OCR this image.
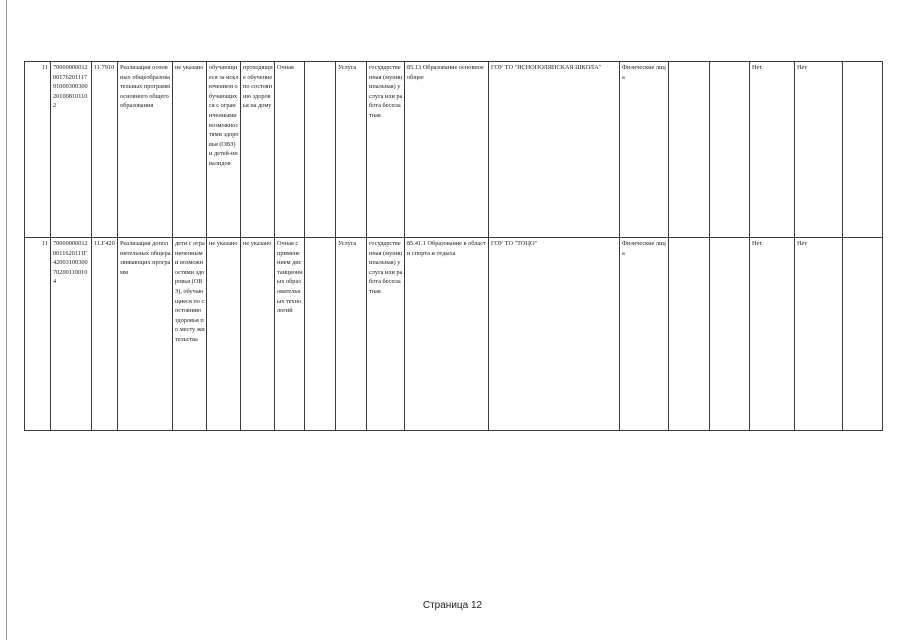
11	700000000120017620111791000300300201008101102	11.7910	Реализация основных общеобразовательных программ основного общего образования	не указано	обучающиеся за исключением обучающихся с ограниченными возможностями здоровья (ОВЗ) и детей-инвалидов	проходящие обучение по состоянию здоровья на дому	Очная		Услуга	государственная (муниципальная) услуга или работа бесплатная	85.13 Образование основное общее	ГОУ ТО "ЯСНОПОЛЯНСКАЯ ШКОЛА"	Физические лица			Нет	Нет	
11	700000000120011620111Г42003100300702001100104	11.Г420	Реализация дополнительных общеразвивающих программ	дети с ограниченными возможностями здоровья (ОВЗ), обучающиеся по состоянию здоровья по месту жительства	не указано	не указано	Очная с применением дистанционных образовательных технологий		Услуга	государственная (муниципальная) услуга или работа бесплатная	85.41.1 Образование в области спорта и отдыха	ГОУ ТО "ТОЦО"	Физические лица			Нет	Нет	
Страница 12
